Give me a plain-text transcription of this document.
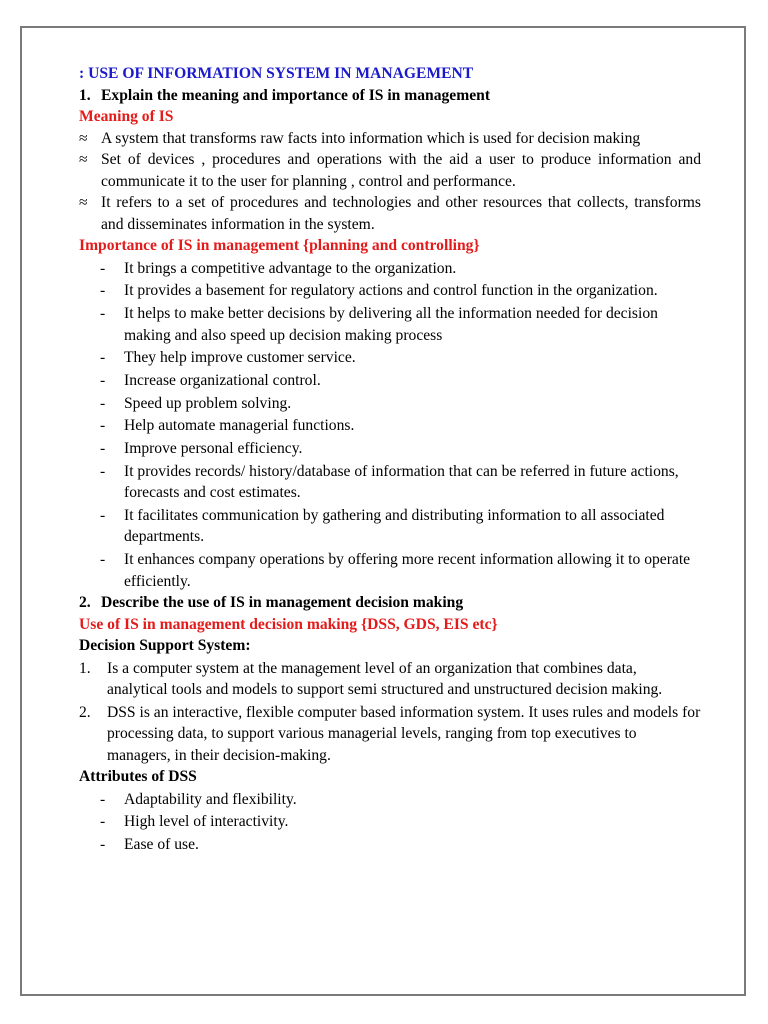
: USE OF INFORMATION SYSTEM IN MANAGEMENT
1. Explain the meaning and importance of IS in management
Meaning of IS
≈ A system that transforms raw facts into information which is used for decision making
≈ Set of devices , procedures and operations with the aid a user to produce information and communicate it to the user for planning , control and performance.
≈ It refers to a set of procedures and technologies and other resources that collects, transforms and disseminates information in the system.
Importance of IS in management {planning and controlling}
-	It brings a competitive advantage to the organization.
-	It provides a basement for regulatory actions and control function in the organization.
-	It helps to make better decisions by delivering all the information needed for decision making and also speed up decision making process
-	They help improve customer service.
-	Increase organizational control.
-	Speed up problem solving.
-	Help automate managerial functions.
-	Improve personal efficiency.
-	It provides records/ history/database of information that can be referred in future actions, forecasts and cost estimates.
-	It facilitates communication by gathering and distributing information to all associated departments.
-	It enhances company operations by offering more recent information allowing it to operate efficiently.
2. Describe the use of IS in management decision making
Use of IS in management decision making {DSS, GDS, EIS etc}
Decision Support System:
1.	Is a computer system at the management level of an organization that combines data, analytical tools and models to support semi structured and unstructured decision making.
2.	DSS is an interactive, flexible computer based information system. It uses rules and models for processing data, to support various managerial levels, ranging from top executives to managers, in their decision-making.
Attributes of DSS
-	Adaptability and flexibility.
-	High level of interactivity.
-	Ease of use.
